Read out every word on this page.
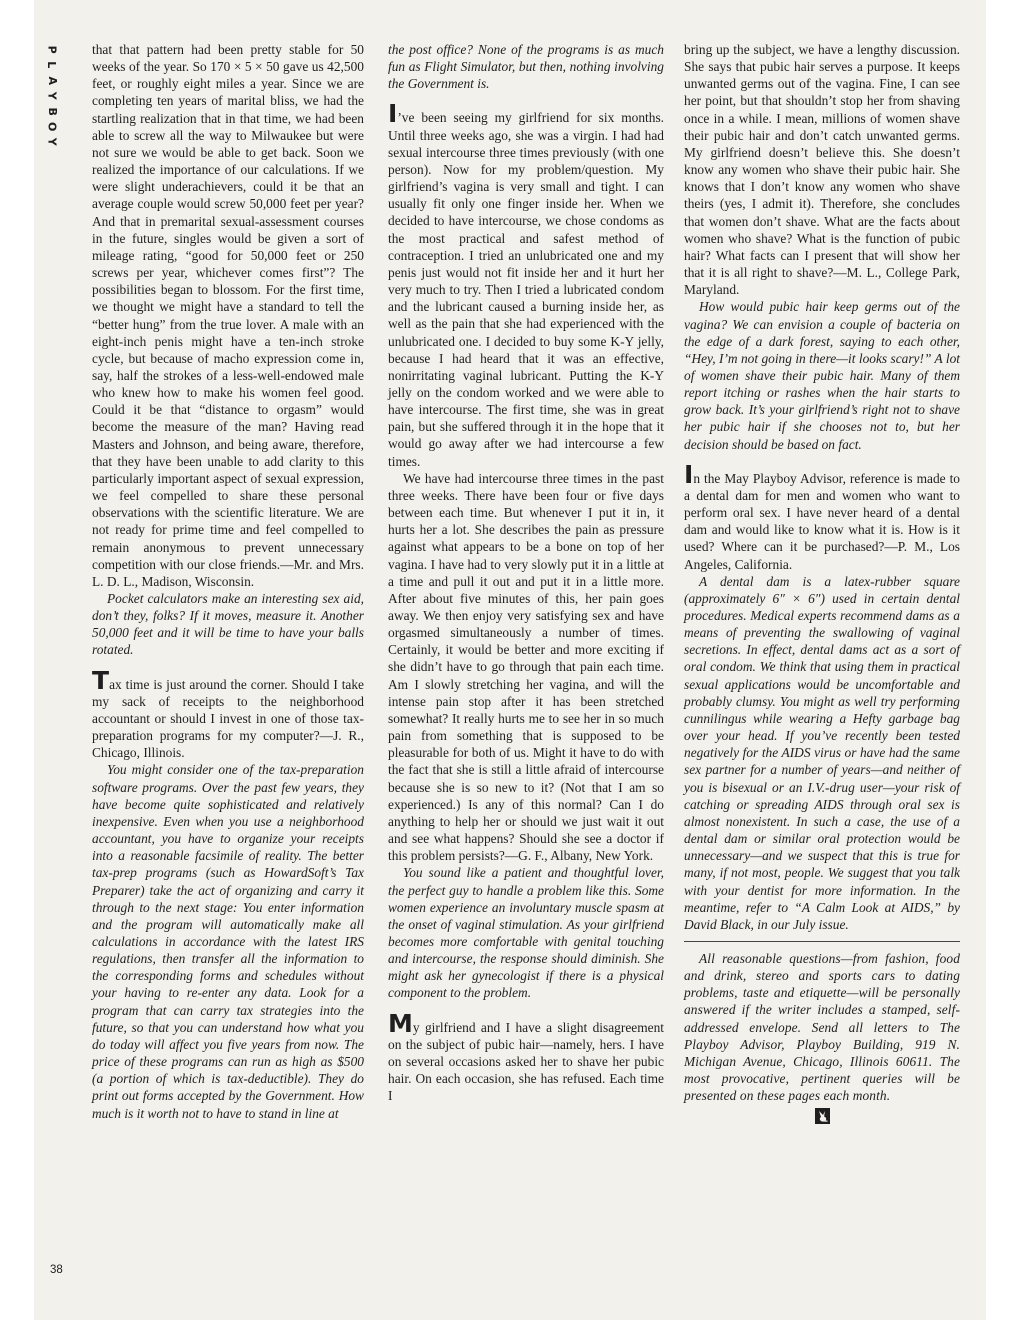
P
L
A
Y
B
O
Y
38

that that pattern had been pretty stable for 50 weeks of the year. So 170 × 5 × 50 gave us 42,500 feet, or roughly eight miles a year. Since we are completing ten years of marital bliss, we had the startling realization that in that time, we had been able to screw all the way to Milwaukee but were not sure we would be able to get back. Soon we realized the importance of our calculations. If we were slight underachievers, could it be that an average couple would screw 50,000 feet per year? And that in premarital sexual-assessment courses in the future, singles would be given a sort of mileage rating, “good for 50,000 feet or 250 screws per year, whichever comes first”? The possibilities began to blossom. For the first time, we thought we might have a standard to tell the “better hung” from the true lover. A male with an eight-inch penis might have a ten-inch stroke cycle, but because of macho expression come in, say, half the strokes of a less-well-endowed male who knew how to make his women feel good. Could it be that “distance to orgasm” would become the measure of the man? Having read Masters and Johnson, and being aware, therefore, that they have been unable to add clarity to this particularly important aspect of sexual expression, we feel compelled to share these personal observations with the scientific literature. We are not ready for prime time and feel compelled to remain anonymous to prevent unnecessary competition with our close friends.—Mr. and Mrs. L. D. L., Madison, Wisconsin.

Pocket calculators make an interesting sex aid, don’t they, folks? If it moves, measure it. Another 50,000 feet and it will be time to have your balls rotated.

Tax time is just around the corner. Should I take my sack of receipts to the neighborhood accountant or should I invest in one of those tax-preparation programs for my computer?—J. R., Chicago, Illinois.

You might consider one of the tax-preparation software programs. Over the past few years, they have become quite sophisticated and relatively inexpensive. Even when you use a neighborhood accountant, you have to organize your receipts into a reasonable facsimile of reality. The better tax-prep programs (such as HowardSoft’s Tax Preparer) take the act of organizing and carry it through to the next stage: You enter information and the program will automatically make all calculations in accordance with the latest IRS regulations, then transfer all the information to the corresponding forms and schedules without your having to re-enter any data. Look for a program that can carry tax strategies into the future, so that you can understand how what you do today will affect you five years from now. The price of these programs can run as high as $500 (a portion of which is tax-deductible). They do print out forms accepted by the Government. How much is it worth not to have to stand in line at

the post office? None of the programs is as much fun as Flight Simulator, but then, nothing involving the Government is.

I’ve been seeing my girlfriend for six months. Until three weeks ago, she was a virgin. I had had sexual intercourse three times previously (with one person). Now for my problem/question. My girlfriend’s vagina is very small and tight. I can usually fit only one finger inside her. When we decided to have intercourse, we chose condoms as the most practical and safest method of contraception. I tried an unlubricated one and my penis just would not fit inside her and it hurt her very much to try. Then I tried a lubricated condom and the lubricant caused a burning inside her, as well as the pain that she had experienced with the unlubricated one. I decided to buy some K-Y jelly, because I had heard that it was an effective, nonirritating vaginal lubricant. Putting the K-Y jelly on the condom worked and we were able to have intercourse. The first time, she was in great pain, but she suffered through it in the hope that it would go away after we had intercourse a few times.

We have had intercourse three times in the past three weeks. There have been four or five days between each time. But whenever I put it in, it hurts her a lot. She describes the pain as pressure against what appears to be a bone on top of her vagina. I have had to very slowly put it in a little at a time and pull it out and put it in a little more. After about five minutes of this, her pain goes away. We then enjoy very satisfying sex and have orgasmed simultaneously a number of times. Certainly, it would be better and more exciting if she didn’t have to go through that pain each time. Am I slowly stretching her vagina, and will the intense pain stop after it has been stretched somewhat? It really hurts me to see her in so much pain from something that is supposed to be pleasurable for both of us. Might it have to do with the fact that she is still a little afraid of intercourse because she is so new to it? (Not that I am so experienced.) Is any of this normal? Can I do anything to help her or should we just wait it out and see what happens? Should she see a doctor if this problem persists?—G. F., Albany, New York.

You sound like a patient and thoughtful lover, the perfect guy to handle a problem like this. Some women experience an involuntary muscle spasm at the onset of vaginal stimulation. As your girlfriend becomes more comfortable with genital touching and intercourse, the response should diminish. She might ask her gynecologist if there is a physical component to the problem.

My girlfriend and I have a slight disagreement on the subject of pubic hair—namely, hers. I have on several occasions asked her to shave her pubic hair. On each occasion, she has refused. Each time I

bring up the subject, we have a lengthy discussion. She says that pubic hair serves a purpose. It keeps unwanted germs out of the vagina. Fine, I can see her point, but that shouldn’t stop her from shaving once in a while. I mean, millions of women shave their pubic hair and don’t catch unwanted germs. My girlfriend doesn’t believe this. She doesn’t know any women who shave their pubic hair. She knows that I don’t know any women who shave theirs (yes, I admit it). Therefore, she concludes that women don’t shave. What are the facts about women who shave? What is the function of pubic hair? What facts can I present that will show her that it is all right to shave?—M. L., College Park, Maryland.

How would pubic hair keep germs out of the vagina? We can envision a couple of bacteria on the edge of a dark forest, saying to each other, “Hey, I’m not going in there—it looks scary!” A lot of women shave their pubic hair. Many of them report itching or rashes when the hair starts to grow back. It’s your girlfriend’s right not to shave her pubic hair if she chooses not to, but her decision should be based on fact.

In the May Playboy Advisor, reference is made to a dental dam for men and women who want to perform oral sex. I have never heard of a dental dam and would like to know what it is. How is it used? Where can it be purchased?—P. M., Los Angeles, California.

A dental dam is a latex-rubber square (approximately 6″ × 6″) used in certain dental procedures. Medical experts recommend dams as a means of preventing the swallowing of vaginal secretions. In effect, dental dams act as a sort of oral condom. We think that using them in practical sexual applications would be uncomfortable and probably clumsy. You might as well try performing cunnilingus while wearing a Hefty garbage bag over your head. If you’ve recently been tested negatively for the AIDS virus or have had the same sex partner for a number of years—and neither of you is bisexual or an I.V.-drug user—your risk of catching or spreading AIDS through oral sex is almost nonexistent. In such a case, the use of a dental dam or similar oral protection would be unnecessary—and we suspect that this is true for many, if not most, people. We suggest that you talk with your dentist for more information. In the meantime, refer to “A Calm Look at AIDS,” by David Black, in our July issue.

All reasonable questions—from fashion, food and drink, stereo and sports cars to dating problems, taste and etiquette—will be personally answered if the writer includes a stamped, self-addressed envelope. Send all letters to The Playboy Advisor, Playboy Building, 919 N. Michigan Avenue, Chicago, Illinois 60611. The most provocative, pertinent queries will be presented on these pages each month.
